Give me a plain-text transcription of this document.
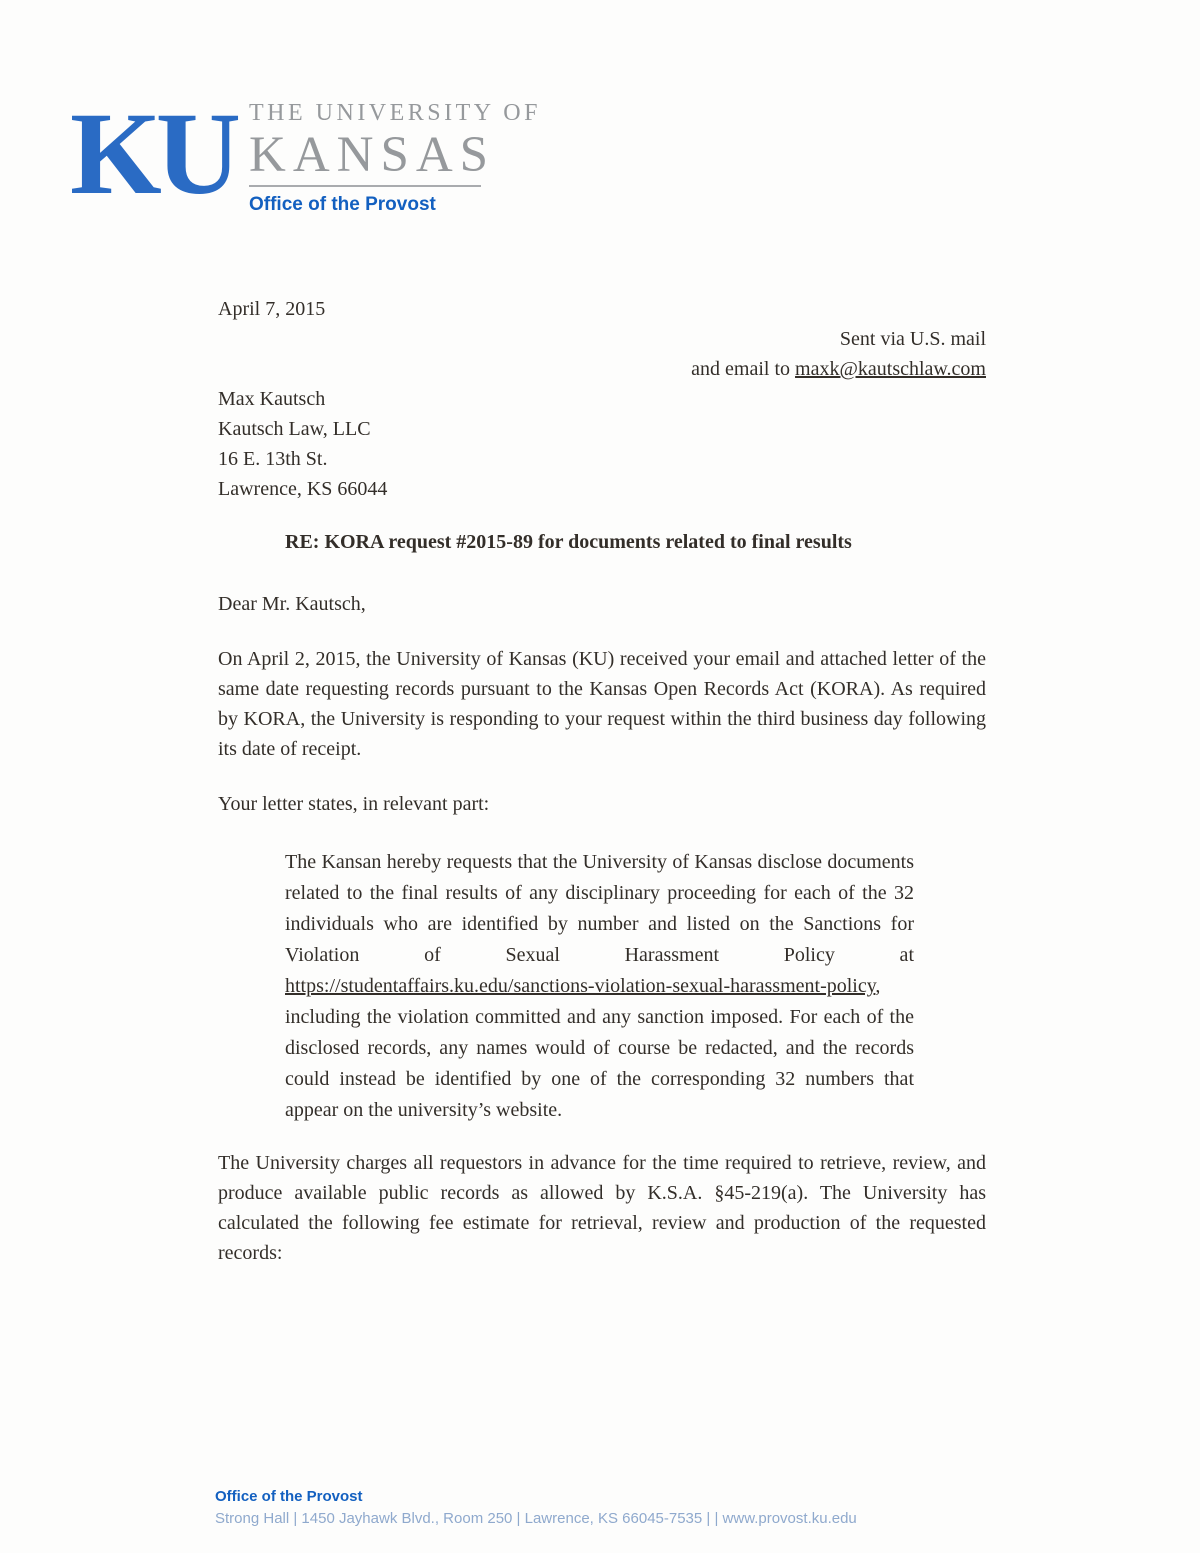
KU THE UNIVERSITY OF
KANSAS
Office of the Provost

April 7, 2015

Sent via U.S. mail
and email to maxk@kautschlaw.com
Max Kautsch
Kautsch Law, LLC
16 E. 13th St.
Lawrence, KS 66044

RE: KORA request #2015-89 for documents related to final results

Dear Mr. Kautsch,

On April 2, 2015, the University of Kansas (KU) received your email and attached letter of the same date requesting records pursuant to the Kansas Open Records Act (KORA). As required by KORA, the University is responding to your request within the third business day following its date of receipt.

Your letter states, in relevant part:

The Kansan hereby requests that the University of Kansas disclose documents related to the final results of any disciplinary proceeding for each of the 32 individuals who are identified by number and listed on the Sanctions for Violation of Sexual Harassment Policy at https://studentaffairs.ku.edu/sanctions-violation-sexual-harassment-policy, including the violation committed and any sanction imposed. For each of the disclosed records, any names would of course be redacted, and the records could instead be identified by one of the corresponding 32 numbers that appear on the university’s website.

The University charges all requestors in advance for the time required to retrieve, review, and produce available public records as allowed by K.S.A. §45-219(a). The University has calculated the following fee estimate for retrieval, review and production of the requested records:

Office of the Provost
Strong Hall | 1450 Jayhawk Blvd., Room 250 | Lawrence, KS 66045-7535 | | www.provost.ku.edu
